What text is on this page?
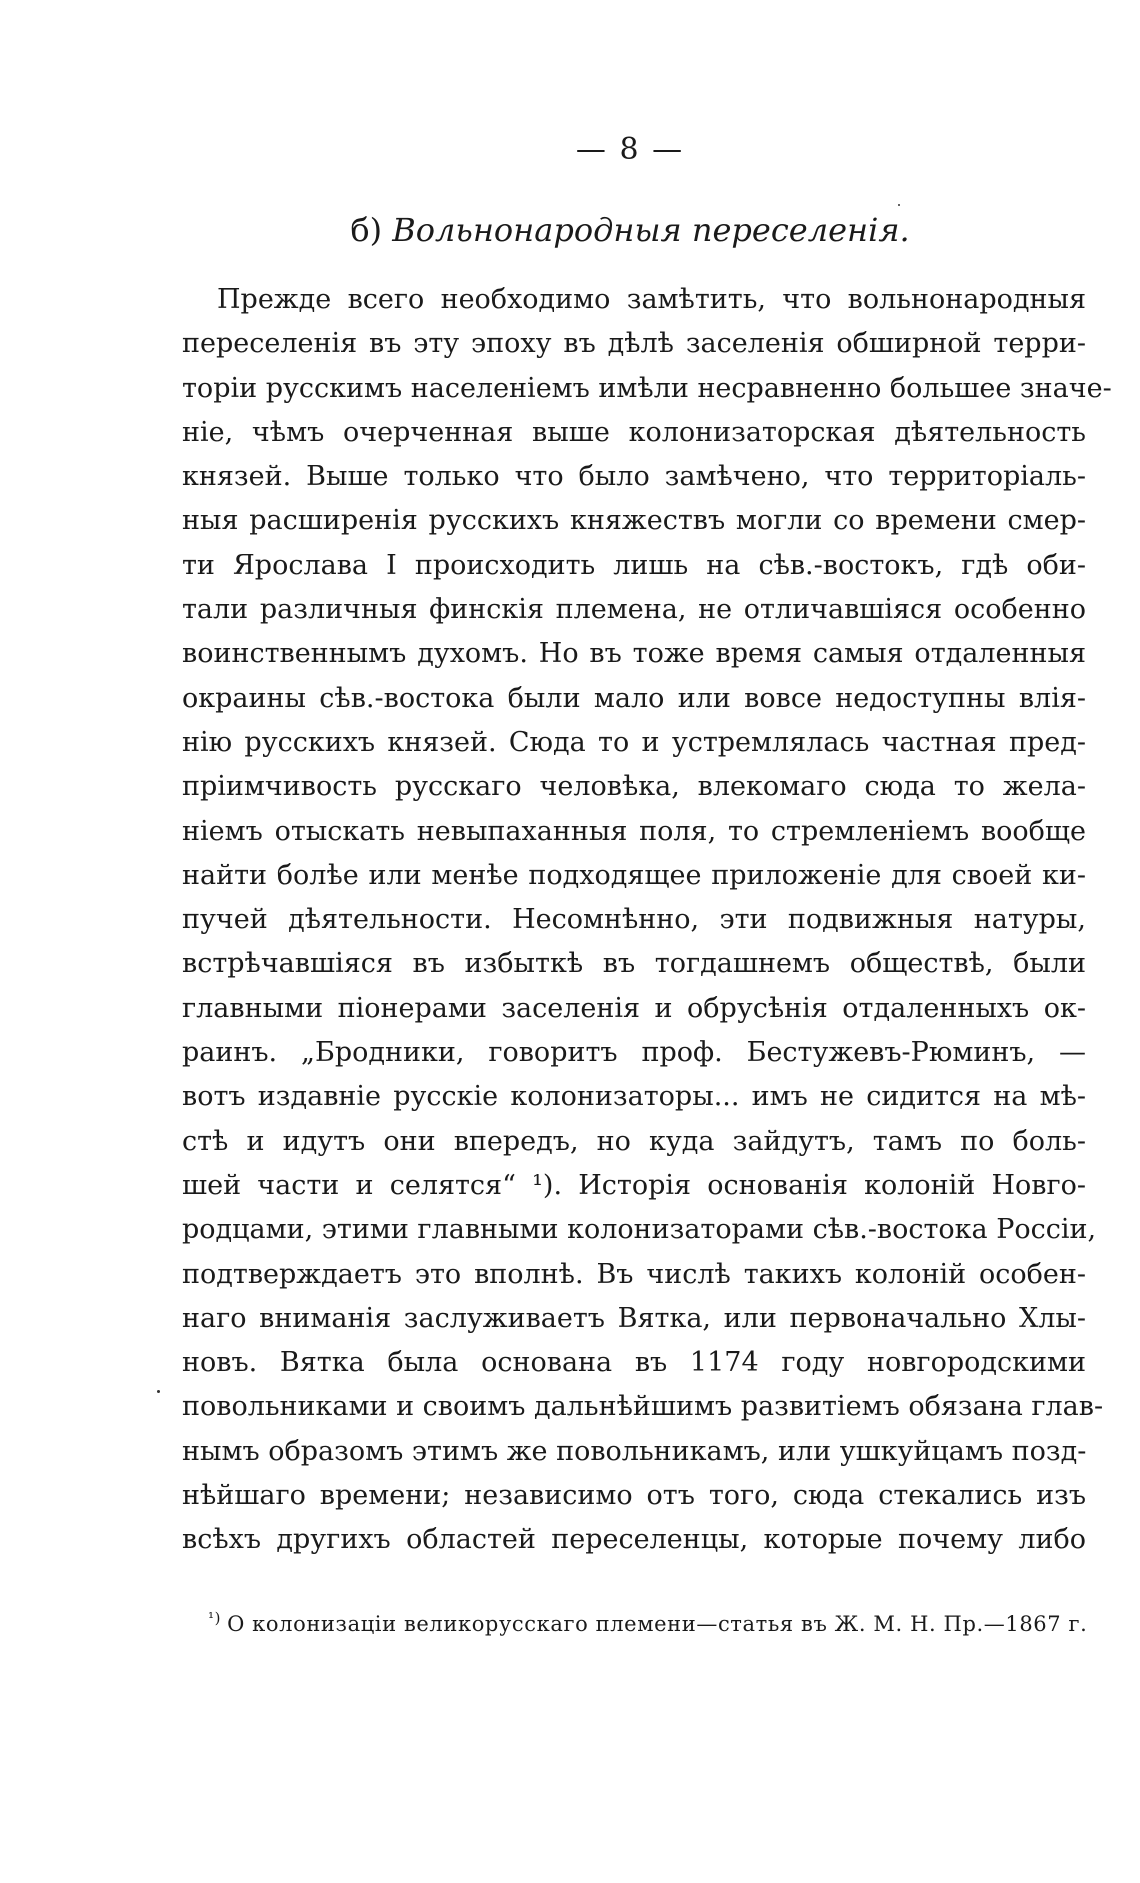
— 8 —
б) Вольнонародныя переселенія.
Прежде всего необходимо замѣтить, что вольнонародныя
переселенія въ эту эпоху въ дѣлѣ заселенія обширной терри-
торіи русскимъ населеніемъ имѣли несравненно большее значе-
ніе, чѣмъ очерченная выше колонизаторская дѣятельность
князей. Выше только что было замѣчено, что территоріаль-
ныя расширенія русскихъ княжествъ могли со времени смер-
ти Ярослава I происходить лишь на сѣв.-востокъ, гдѣ оби-
тали различныя финскія племена, не отличавшіяся особенно
воинственнымъ духомъ. Но въ тоже время самыя отдаленныя
окраины сѣв.-востока были мало или вовсе недоступны влія-
нію русскихъ князей. Сюда то и устремлялась частная пред-
пріимчивость русскаго человѣка, влекомаго сюда то жела-
ніемъ отыскать невыпаханныя поля, то стремленіемъ вообще
найти болѣе или менѣе подходящее приложеніе для своей ки-
пучей дѣятельности. Несомнѣнно, эти подвижныя натуры,
встрѣчавшіяся въ избыткѣ въ тогдашнемъ обществѣ, были
главными піонерами заселенія и обрусѣнія отдаленныхъ ок-
раинъ. „Бродники, говоритъ проф. Бестужевъ-Рюминъ, —
вотъ издавніе русскіе колонизаторы... имъ не сидится на мѣ-
стѣ и идутъ они впередъ, но куда зайдутъ, тамъ по боль-
шей части и селятся“ ¹). Исторія основанія колоній Новго-
родцами, этими главными колонизаторами сѣв.-востока Россіи,
подтверждаетъ это вполнѣ. Въ числѣ такихъ колоній особен-
наго вниманія заслуживаетъ Вятка, или первоначально Хлы-
новъ. Вятка была основана въ 1174 году новгородскими
повольниками и своимъ дальнѣйшимъ развитіемъ обязана глав-
нымъ образомъ этимъ же повольникамъ, или ушкуйцамъ позд-
нѣйшаго времени; независимо отъ того, сюда стекались изъ
всѣхъ другихъ областей переселенцы, которые почему либо
$^{^1)}$ О колонизаціи великорусскаго племени—статья въ Ж. М. Н. Пр.—1867 г.
